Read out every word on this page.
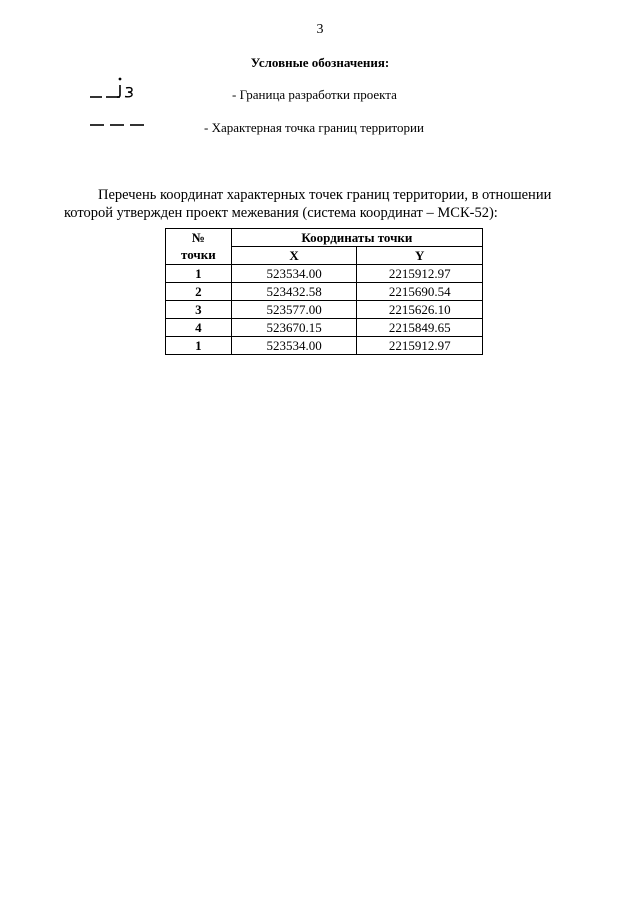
3
Условные обозначения:
- Граница разработки проекта
- Характерная точка границ территории
Перечень координат характерных точек границ территории, в отношении
которой утвержден проект межевания (система координат – МСК-52):
№	Координаты точки	
точки	X	Y
1	523534.00	2215912.97
2	523432.58	2215690.54
3	523577.00	2215626.10
4	523670.15	2215849.65
1	523534.00	2215912.97
